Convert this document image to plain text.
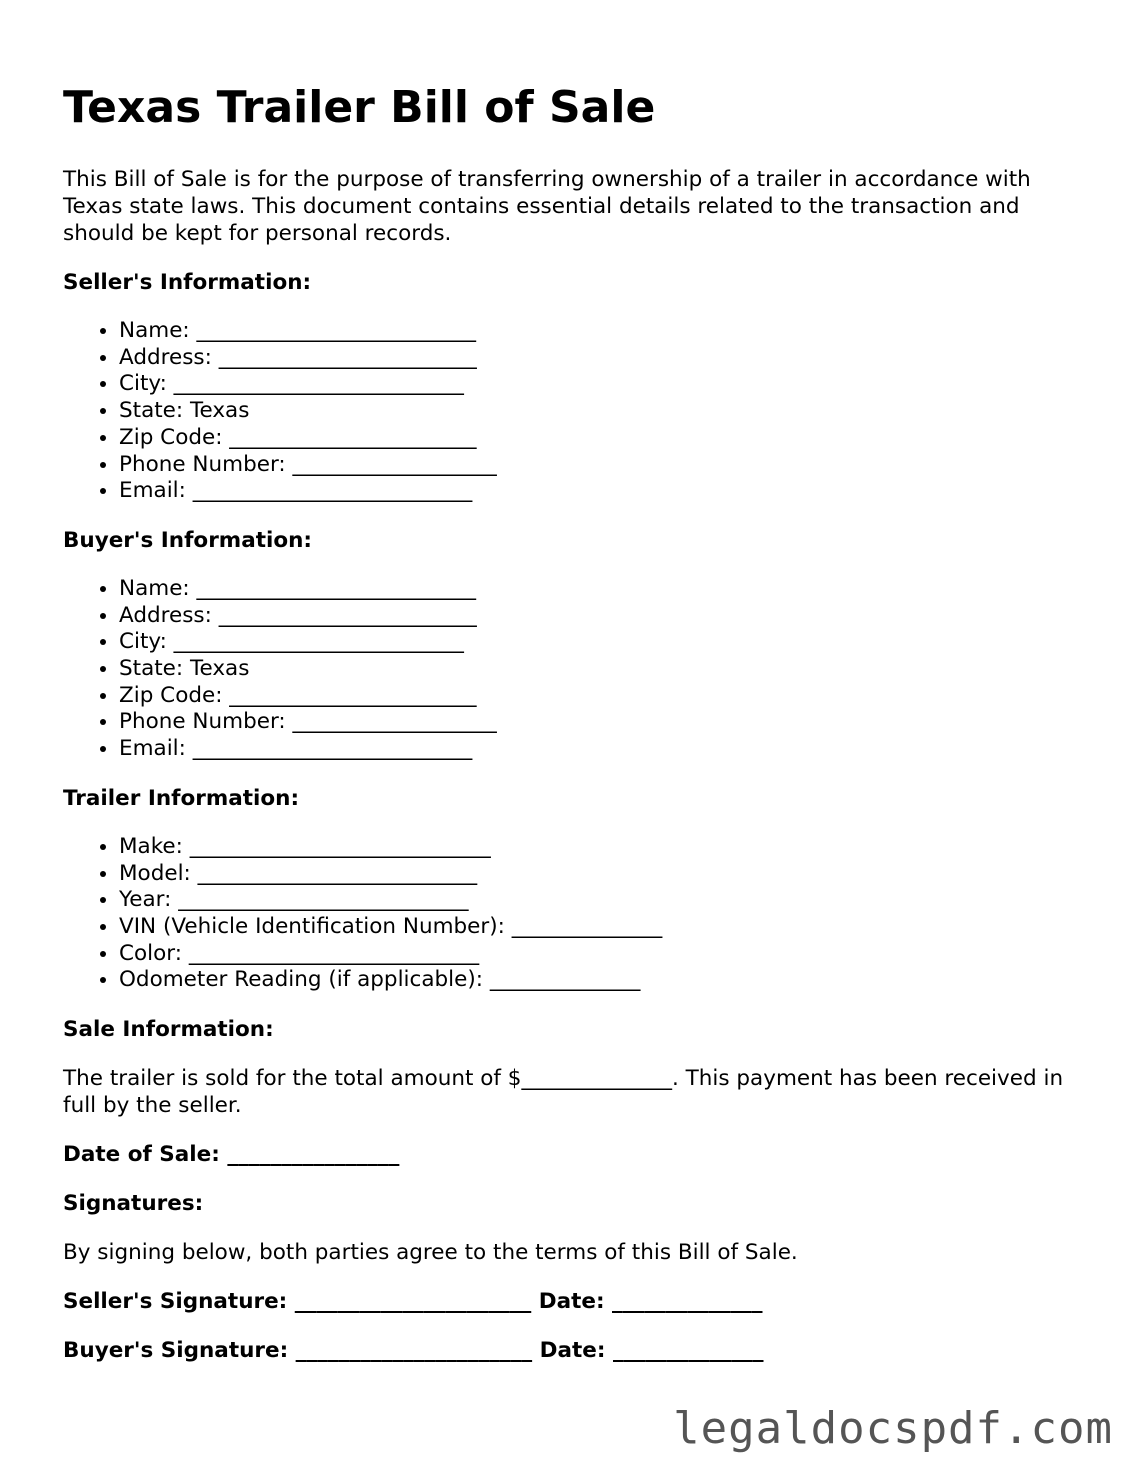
Texas Trailer Bill of Sale

This Bill of Sale is for the purpose of transferring ownership of a trailer in accordance with Texas state laws. This document contains essential details related to the transaction and should be kept for personal records.

Seller's Information:
• Name: __________________________
• Address: ________________________
• City: ___________________________
• State: Texas
• Zip Code: _______________________
• Phone Number: ___________________
• Email: __________________________
Buyer's Information:
• Name: __________________________
• Address: ________________________
• City: ___________________________
• State: Texas
• Zip Code: _______________________
• Phone Number: ___________________
• Email: __________________________
Trailer Information:
• Make: ____________________________
• Model: __________________________
• Year: ___________________________
• VIN (Vehicle Identification Number): ______________
• Color: ___________________________
• Odometer Reading (if applicable): ______________
Sale Information:

The trailer is sold for the total amount of $______________. This payment has been received in full by the seller.

Date of Sale: ________________
Signatures:

By signing below, both parties agree to the terms of this Bill of Sale.

Seller's Signature: ______________________ Date: ______________
Buyer's Signature: ______________________ Date: ______________
legaldocspdf.com
